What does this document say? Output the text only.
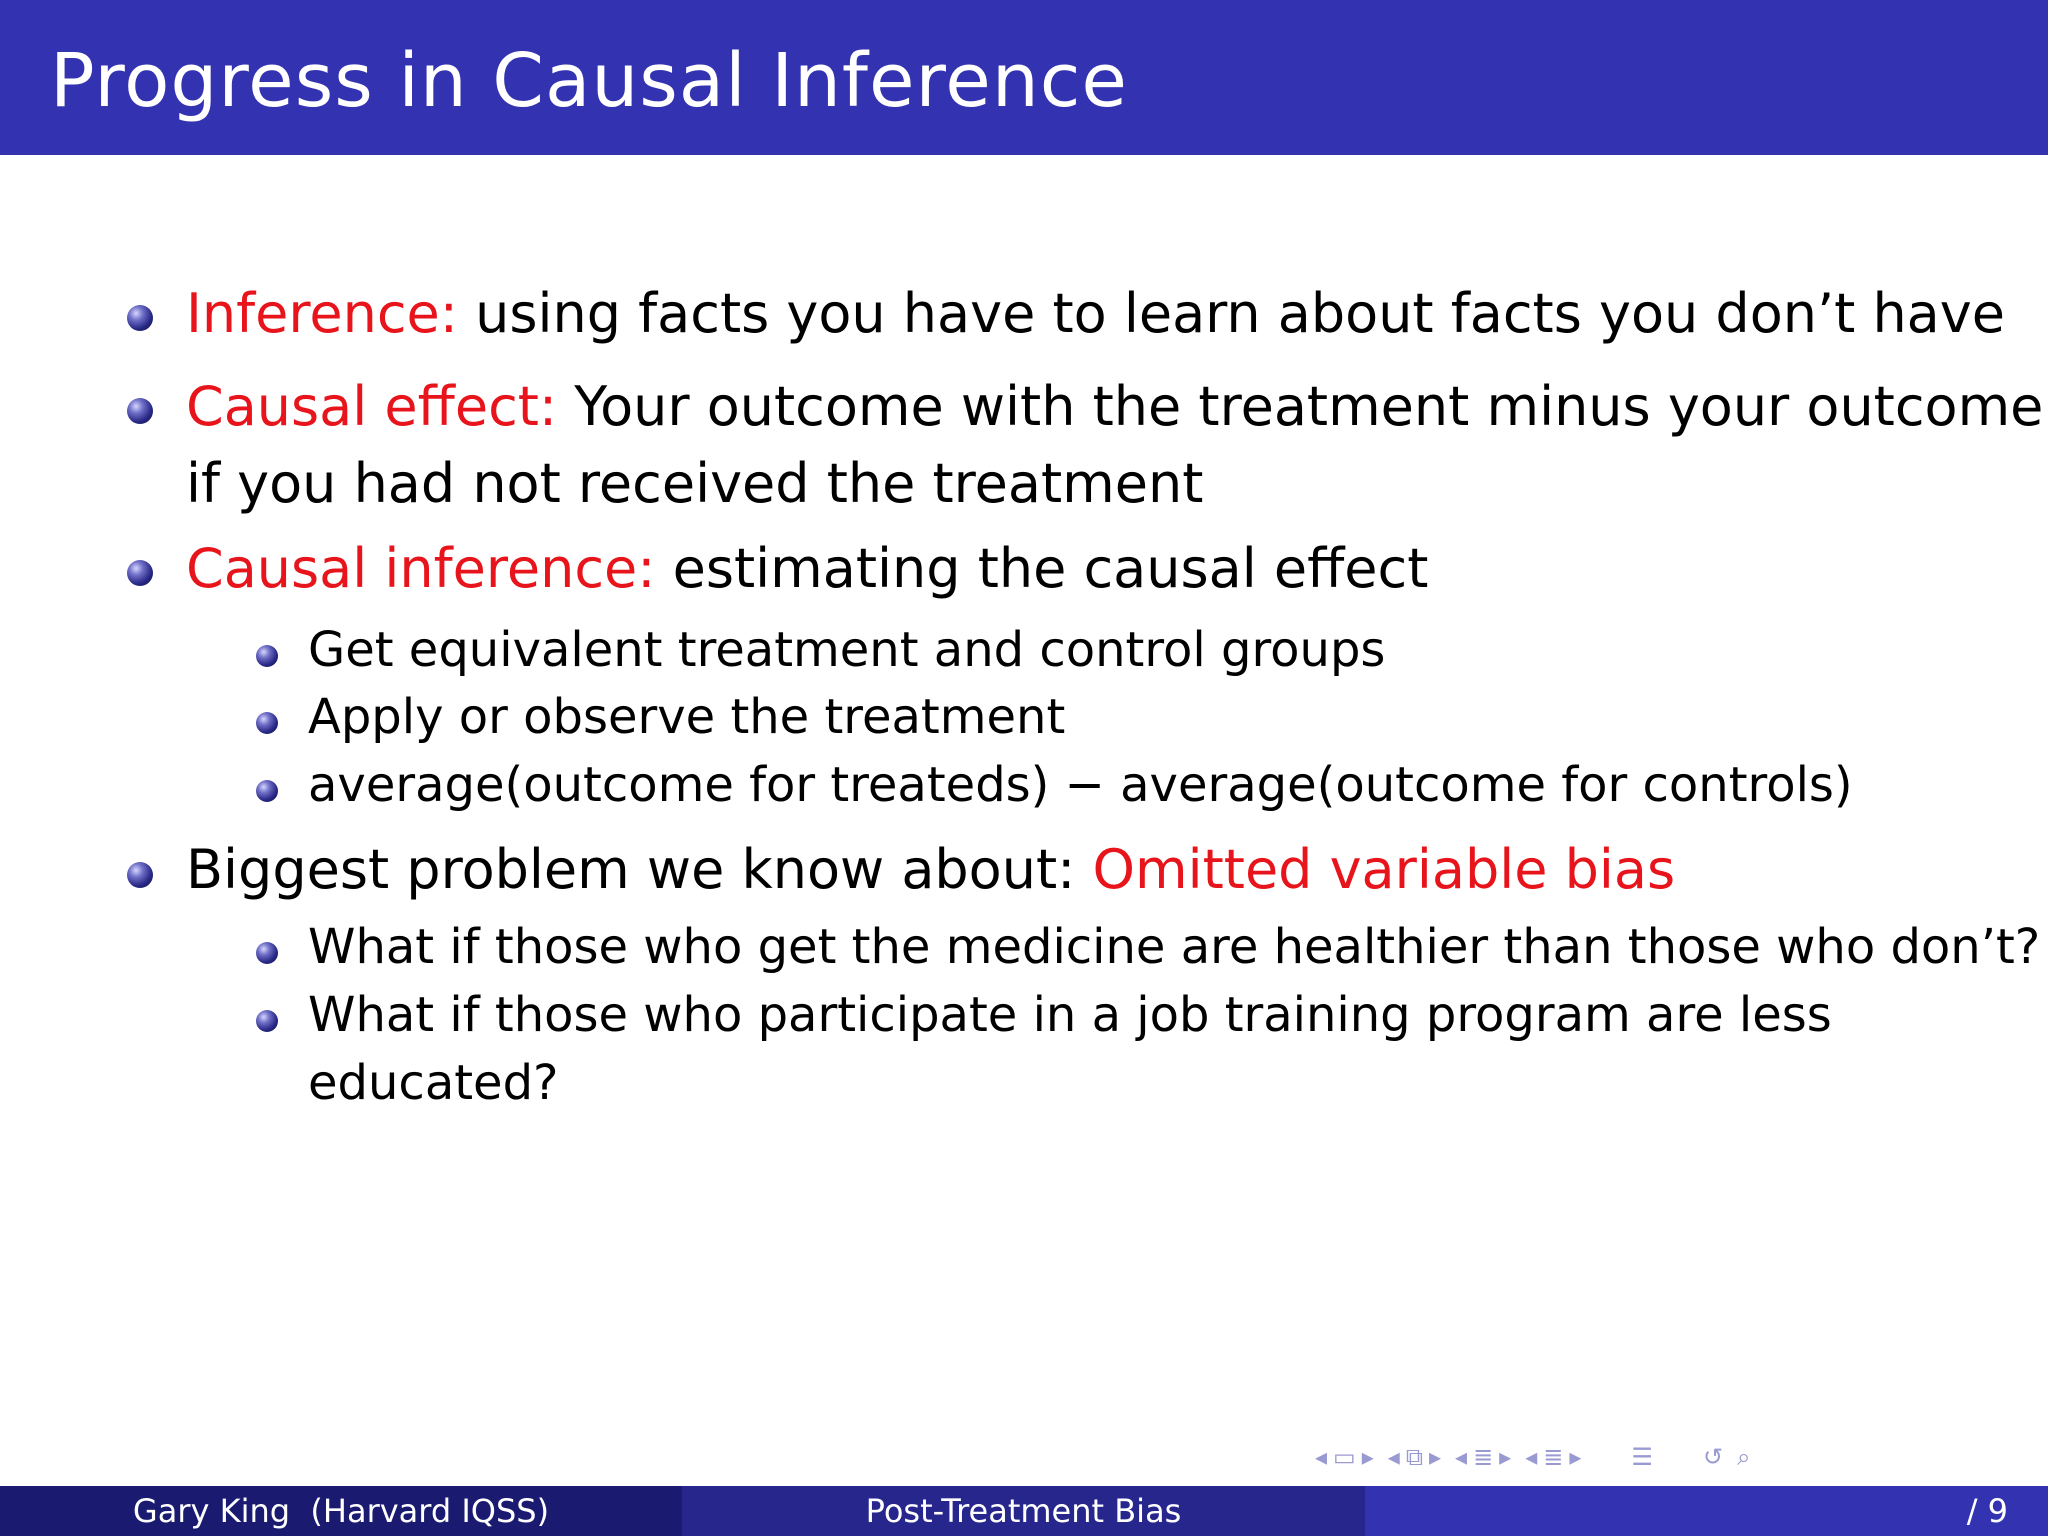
Progress in Causal Inference
Inference: using facts you have to learn about facts you don’t have
Causal effect: Your outcome with the treatment minus your outcome
if you had not received the treatment
Causal inference: estimating the causal effect
Get equivalent treatment and control groups
Apply or observe the treatment
average(outcome for treateds) − average(outcome for controls)
Biggest problem we know about: Omitted variable bias
What if those who get the medicine are healthier than those who don’t?
What if those who participate in a job training program are less
educated?
◂ ▭ ▸ ◂ ⧉ ▸ ◂ ≣ ▸ ◂ ≣ ▸ ☰ ↺ ⌕
Gary King  (Harvard IQSS)	Post-Treatment Bias	/ 9
